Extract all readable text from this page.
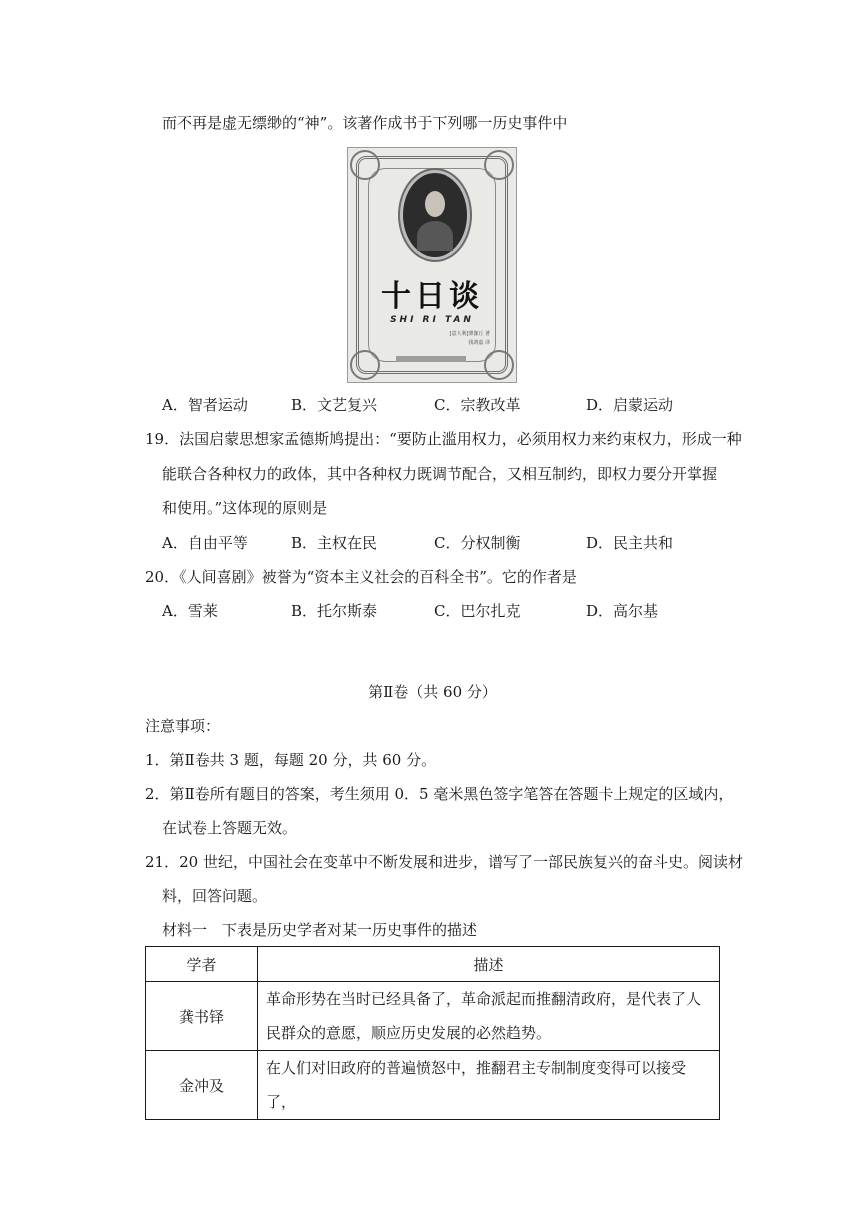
而不再是虚无缥缈的“神”。该著作成书于下列哪一历史事件中
十日谈
SHI RI TAN
[意大利]薄伽丘 著
钱鸿嘉 译
A．智者运动	B．文艺复兴	C．宗教改革	D．启蒙运动
19．法国启蒙思想家孟德斯鸠提出：“要防止滥用权力，必须用权力来约束权力，形成一种
能联合各种权力的政体，其中各种权力既调节配合，又相互制约，即权力要分开掌握
和使用。”这体现的原则是
A．自由平等	B．主权在民	C．分权制衡	D．民主共和
20．《人间喜剧》被誉为“资本主义社会的百科全书”。它的作者是
A．雪莱	B．托尔斯泰	C．巴尔扎克	D．高尔基
第Ⅱ卷（共 60 分）
注意事项：
1．第Ⅱ卷共 3 题，每题 20 分，共 60 分。
2．第Ⅱ卷所有题目的答案，考生须用 0．5 毫米黑色签字笔答在答题卡上规定的区域内，
在试卷上答题无效。
21．20 世纪，中国社会在变革中不断发展和进步，谱写了一部民族复兴的奋斗史。阅读材
料，回答问题。
材料一　下表是历史学者对某一历史事件的描述
学者	描述
龚书铎	革命形势在当时已经具备了，革命派起而推翻清政府，是代表了人
民群众的意愿，顺应历史发展的必然趋势。

金冲及	在人们对旧政府的普遍愤怒中，推翻君主专制制度变得可以接受了，
